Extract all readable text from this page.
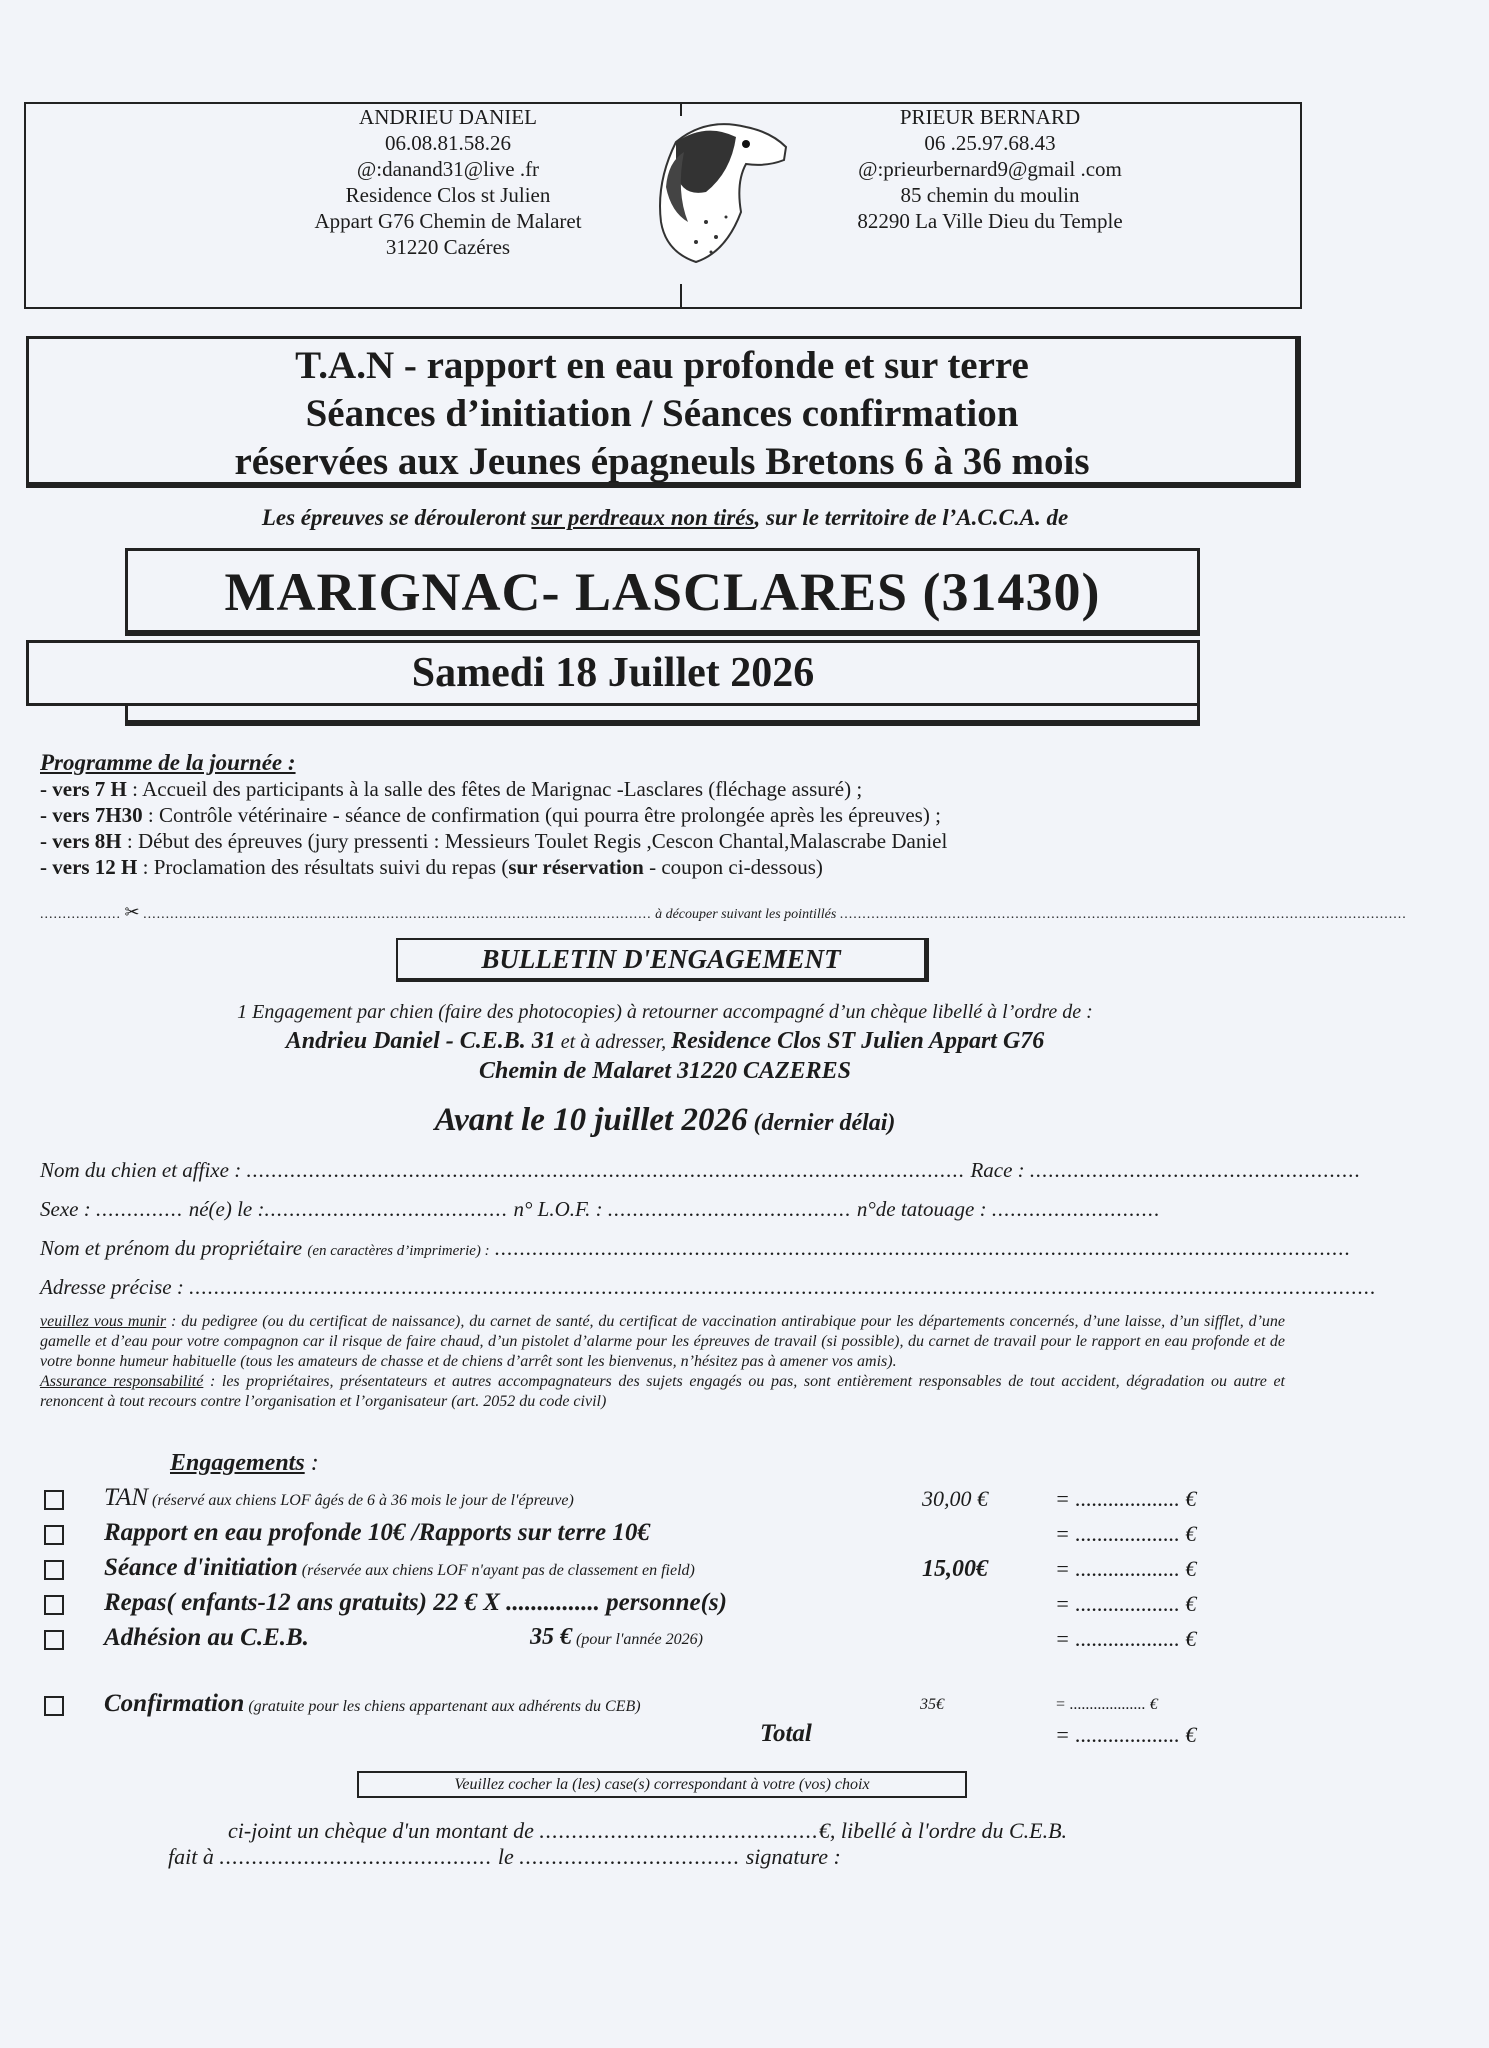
ANDRIEU DANIEL
06.08.81.58.26
@:danand31@live .fr
Residence Clos st Julien
Appart G76 Chemin de Malaret
31220 Cazéres
PRIEUR BERNARD
06 .25.97.68.43
@:prieurbernard9@gmail .com
85 chemin du moulin
82290 La Ville Dieu du Temple
T.A.N - rapport en eau profonde et sur terre
Séances d’initiation / Séances confirmation
réservées aux Jeunes épagneuls Bretons 6 à 36 mois
Les épreuves se dérouleront sur perdreaux non tirés, sur le territoire de l’A.C.C.A. de
MARIGNAC- LASCLARES (31430)
Samedi 18 Juillet 2026
Programme de la journée :
- vers 7 H : Accueil des participants à la salle des fêtes de Marignac -Lasclares (fléchage assuré) ;
- vers 7H30 : Contrôle vétérinaire - séance de confirmation (qui pourra être prolongée après les épreuves) ;
- vers 8H : Début des épreuves (jury pressenti : Messieurs Toulet Regis ,Cescon Chantal,Malascrabe Daniel
- vers 12 H : Proclamation des résultats suivi du repas (sur réservation - coupon ci-dessous)
.................. ✂ ................................................................................................................. à découper suivant les pointillés ..............................................................................................................................
BULLETIN D'ENGAGEMENT
1 Engagement par chien (faire des photocopies) à retourner accompagné d’un chèque libellé à l’ordre de :
Andrieu Daniel - C.E.B. 31 et à adresser, Residence Clos ST Julien Appart G76
Chemin de Malaret 31220 CAZERES
Avant le 10 juillet 2026 (dernier délai)
Nom du chien et affixe : ................................................................................................................... Race : .....................................................
Sexe : .............. né(e) le :....................................... n° L.O.F. : ....................................... n°de tatouage : ...........................
Nom et prénom du propriétaire (en caractères d’imprimerie) : .........................................................................................................................................
Adresse précise : ..............................................................................................................................................................................................
veuillez vous munir : du pedigree (ou du certificat de naissance), du carnet de santé, du certificat de vaccination antirabique pour les départements concernés, d’une laisse, d’un sifflet, d’une gamelle et d’eau pour votre compagnon car il risque de faire chaud, d’un pistolet d’alarme pour les épreuves de travail (si possible), du carnet de travail pour le rapport en eau profonde et de votre bonne humeur habituelle (tous les amateurs de chasse et de chiens d’arrêt sont les bienvenus, n’hésitez pas à amener vos amis).
Assurance responsabilité : les propriétaires, présentateurs et autres accompagnateurs des sujets engagés ou pas, sont entièrement responsables de tout accident, dégradation ou autre et renoncent à tout recours contre l’organisation et l’organisateur (art. 2052 du code civil)
Engagements :
TAN (réservé aux chiens LOF âgés de 6 à 36 mois le jour de l'épreuve)	30,00 €	= ................... €
Rapport en eau profonde 10€ /Rapports sur terre 10€	= ................... €
Séance d'initiation (réservée aux chiens LOF n'ayant pas de classement en field)	15,00€	= ................... €
Repas( enfants-12 ans gratuits) 22 € X ............... personne(s)	= ................... €
Adhésion au C.E.B.	35 € (pour l'année 2026)	= ................... €
Confirmation (gratuite pour les chiens appartenant aux adhérents du CEB)	35€	= ................... €
Total	= ................... €
Veuillez cocher la (les) case(s) correspondant à votre (vos) choix
ci-joint un chèque d'un montant de ...........................................€, libellé à l'ordre du C.E.B.
fait à .......................................... le .................................. signature :
